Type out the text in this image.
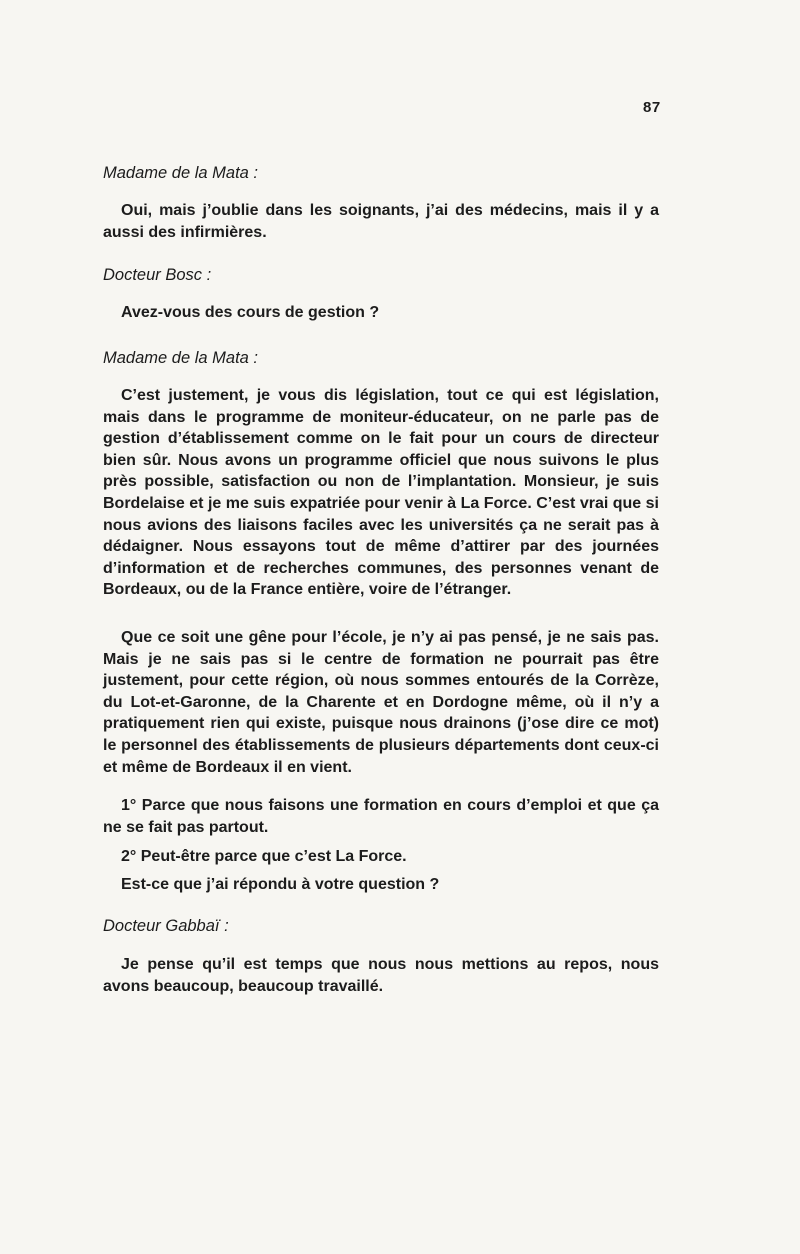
87

Madame de la Mata :

Oui, mais j’oublie dans les soignants, j’ai des médecins, mais il y a aussi des infirmières.

Docteur Bosc :

Avez-vous des cours de gestion ?

Madame de la Mata :

C’est justement, je vous dis législation, tout ce qui est législation, mais dans le programme de moniteur-éducateur, on ne parle pas de gestion d’établissement comme on le fait pour un cours de directeur bien sûr. Nous avons un programme officiel que nous suivons le plus près possible, satisfaction ou non de l’implantation. Monsieur, je suis Bordelaise et je me suis expatriée pour venir à La Force. C’est vrai que si nous avions des liaisons faciles avec les universités ça ne serait pas à dédaigner. Nous essayons tout de même d’attirer par des journées d’information et de recherches communes, des personnes venant de Bordeaux, ou de la France entière, voire de l’étranger.

Que ce soit une gêne pour l’école, je n’y ai pas pensé, je ne sais pas. Mais je ne sais pas si le centre de formation ne pourrait pas être justement, pour cette région, où nous sommes entourés de la Corrèze, du Lot-et-Garonne, de la Charente et en Dordogne même, où il n’y a pratiquement rien qui existe, puisque nous drainons (j’ose dire ce mot) le personnel des établissements de plusieurs départements dont ceux-ci et même de Bordeaux il en vient.

1° Parce que nous faisons une formation en cours d’emploi et que ça ne se fait pas partout.

2° Peut-être parce que c’est La Force.

Est-ce que j’ai répondu à votre question ?

Docteur Gabbaï :

Je pense qu’il est temps que nous nous mettions au repos, nous avons beaucoup, beaucoup travaillé.
